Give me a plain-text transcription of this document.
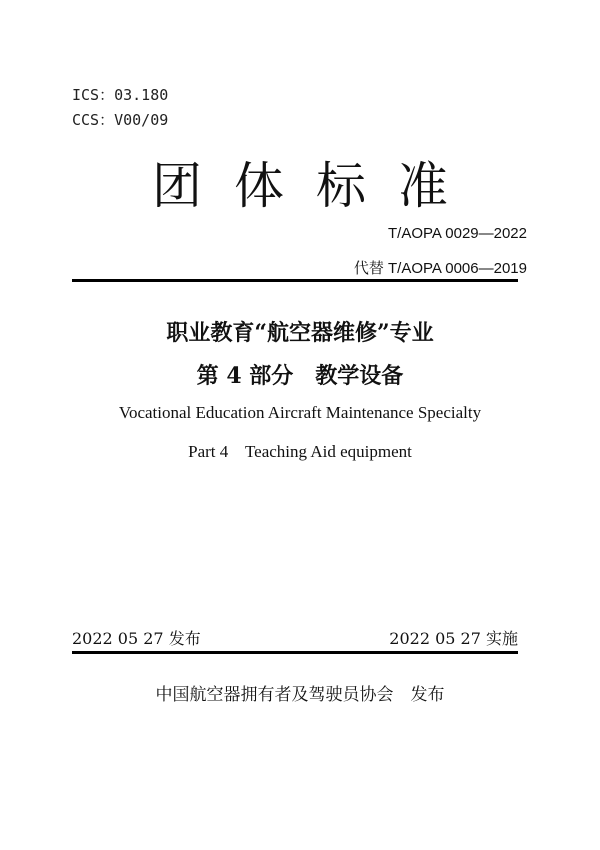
ICS：03.180
CCS：V00/09
团体标准
T/AOPA 0029—2022
代替 T/AOPA 0006—2019
职业教育“航空器维修”专业
第 4 部分　教学设备
Vocational Education Aircraft Maintenance Specialty
Part 4    Teaching Aid equipment
2022 05 27 发布	2022 05 27 实施
中国航空器拥有者及驾驶员协会　发布
